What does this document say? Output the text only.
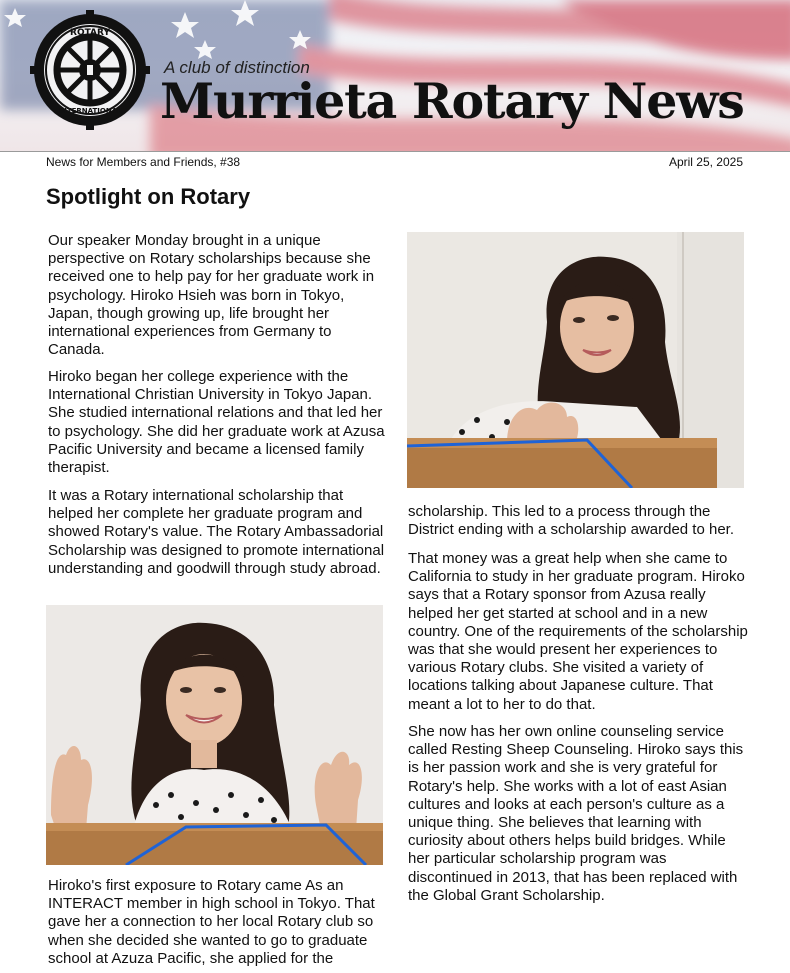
ROTARY
INTERNATIONAL
A club of distinction
Murrieta Rotary News
News for Members and Friends, #38	April 25, 2025
Spotlight on Rotary
Our speaker Monday brought in a unique perspective on Rotary scholarships because she received one to help pay for her graduate work in psychology. Hiroko Hsieh was born in Tokyo, Japan, though growing up, life brought her international experiences from Germany to Canada.
Hiroko began her college experience with the International Christian University in Tokyo Japan. She studied international relations and that led her to psychology. She did her graduate work at Azusa Pacific University and became a licensed family therapist.
It was a Rotary international scholarship that helped her complete her graduate program and showed Rotary's value. The Rotary Ambassadorial Scholarship was designed to promote international understanding and goodwill through study abroad.
Hiroko's first exposure to Rotary came As an INTERACT member in high school in Tokyo. That gave her a connection to her local Rotary club so when she decided she wanted to go to graduate school at Azuza Pacific, she applied for the
scholarship. This led to a process through the District ending with a scholarship awarded to her.
That money was a great help when she came to California to study in her graduate program. Hiroko says that a Rotary sponsor from Azusa really helped her get started at school and in a new country. One of the requirements of the scholarship was that she would present her experiences to various Rotary clubs. She visited a variety of locations talking about Japanese culture. That meant a lot to her to do that.
She now has her own online counseling service called Resting Sheep Counseling. Hiroko says this is her passion work and she is very grateful for Rotary's help. She works with a lot of east Asian cultures and looks at each person's culture as a unique thing. She believes that learning with curiosity about others helps build bridges. While her particular scholarship program was discontinued in 2013, that has been replaced with the Global Grant Scholarship.
